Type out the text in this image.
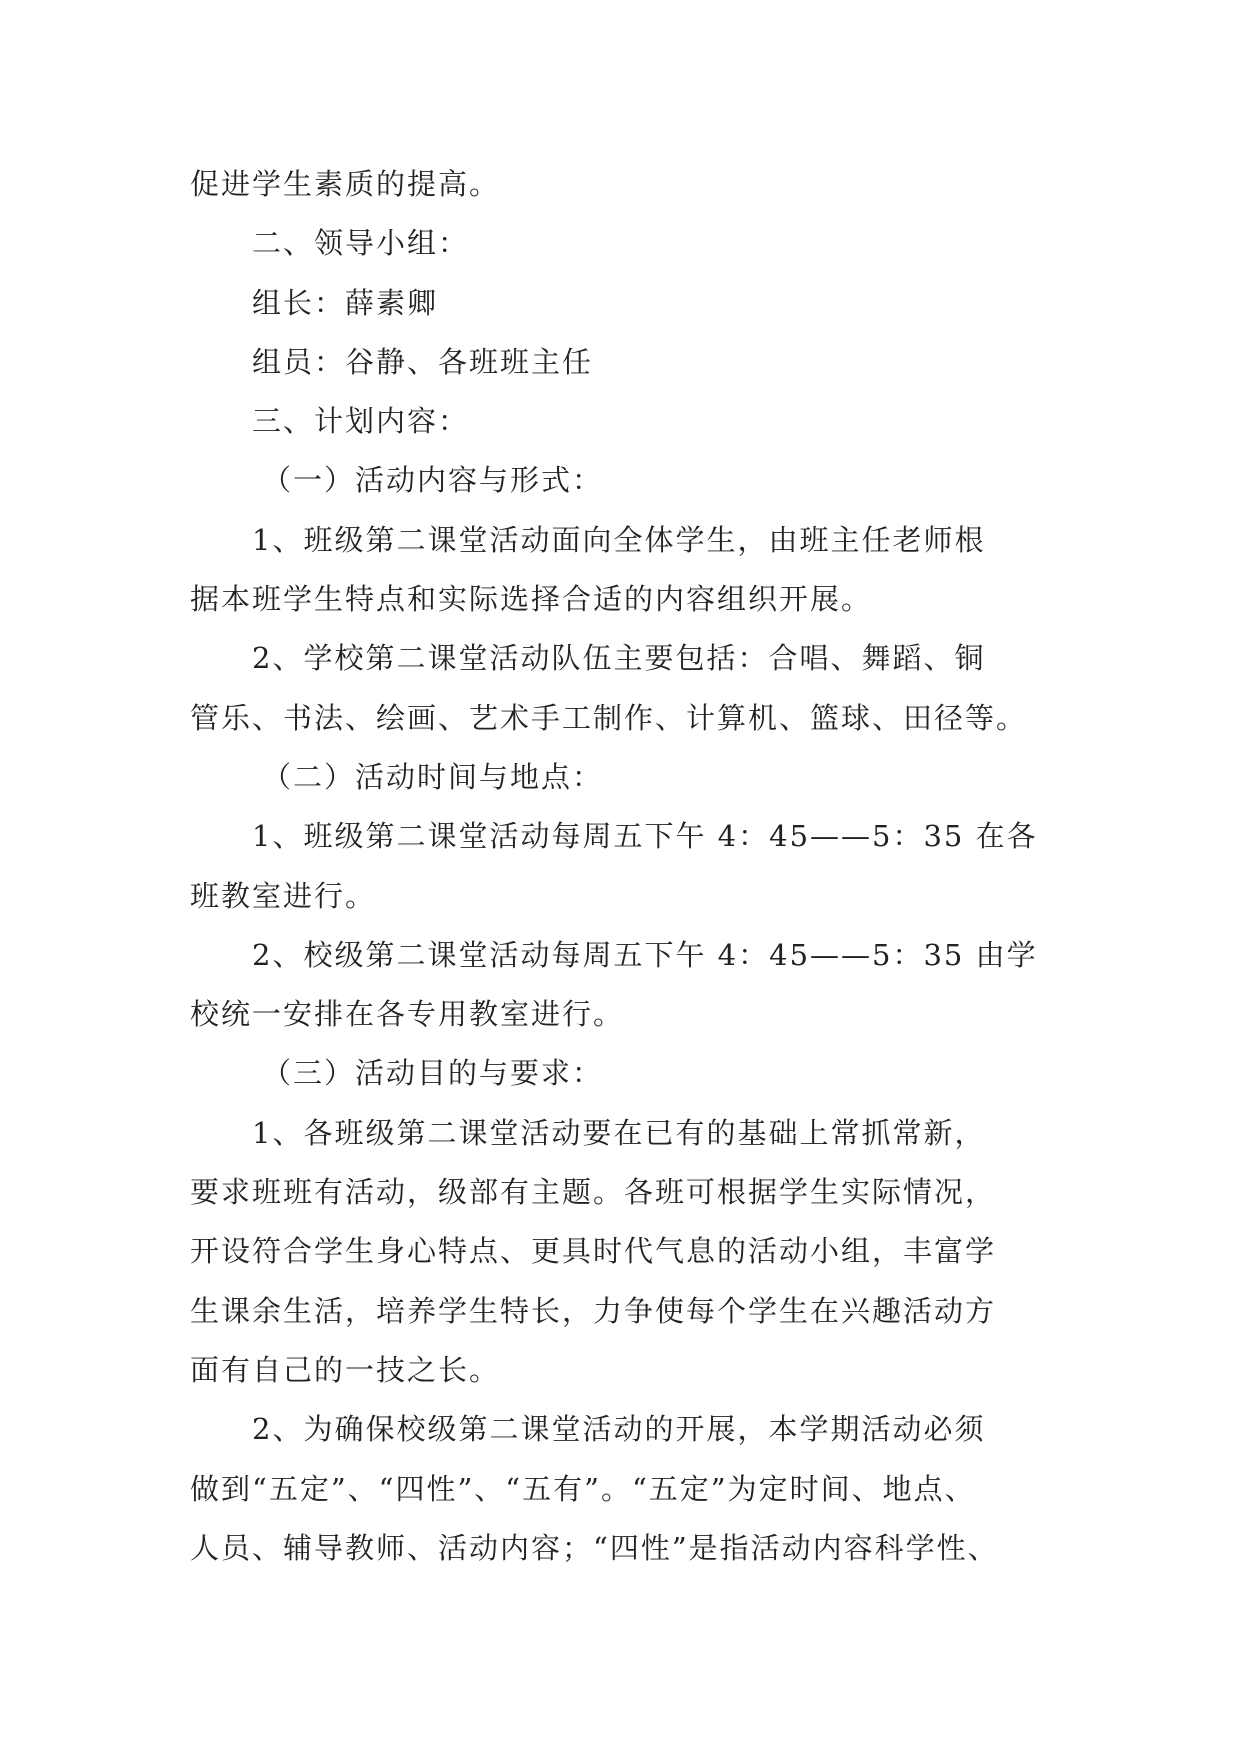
促进学生素质的提高。
二、领导小组：
组长：薛素卿
组员：谷静、各班班主任
三、计划内容：
（一）活动内容与形式：
1、班级第二课堂活动面向全体学生，由班主任老师根
据本班学生特点和实际选择合适的内容组织开展。
2、学校第二课堂活动队伍主要包括：合唱、舞蹈、铜
管乐、书法、绘画、艺术手工制作、计算机、篮球、田径等。
（二）活动时间与地点：
1、班级第二课堂活动每周五下午 4：45——5：35 在各
班教室进行。
2、校级第二课堂活动每周五下午 4：45——5：35 由学
校统一安排在各专用教室进行。
（三）活动目的与要求：
1、各班级第二课堂活动要在已有的基础上常抓常新，
要求班班有活动，级部有主题。各班可根据学生实际情况，
开设符合学生身心特点、更具时代气息的活动小组，丰富学
生课余生活，培养学生特长，力争使每个学生在兴趣活动方
面有自己的一技之长。
2、为确保校级第二课堂活动的开展，本学期活动必须
做到“五定”、“四性”、“五有”。“五定”为定时间、地点、
人员、辅导教师、活动内容；“四性”是指活动内容科学性、
